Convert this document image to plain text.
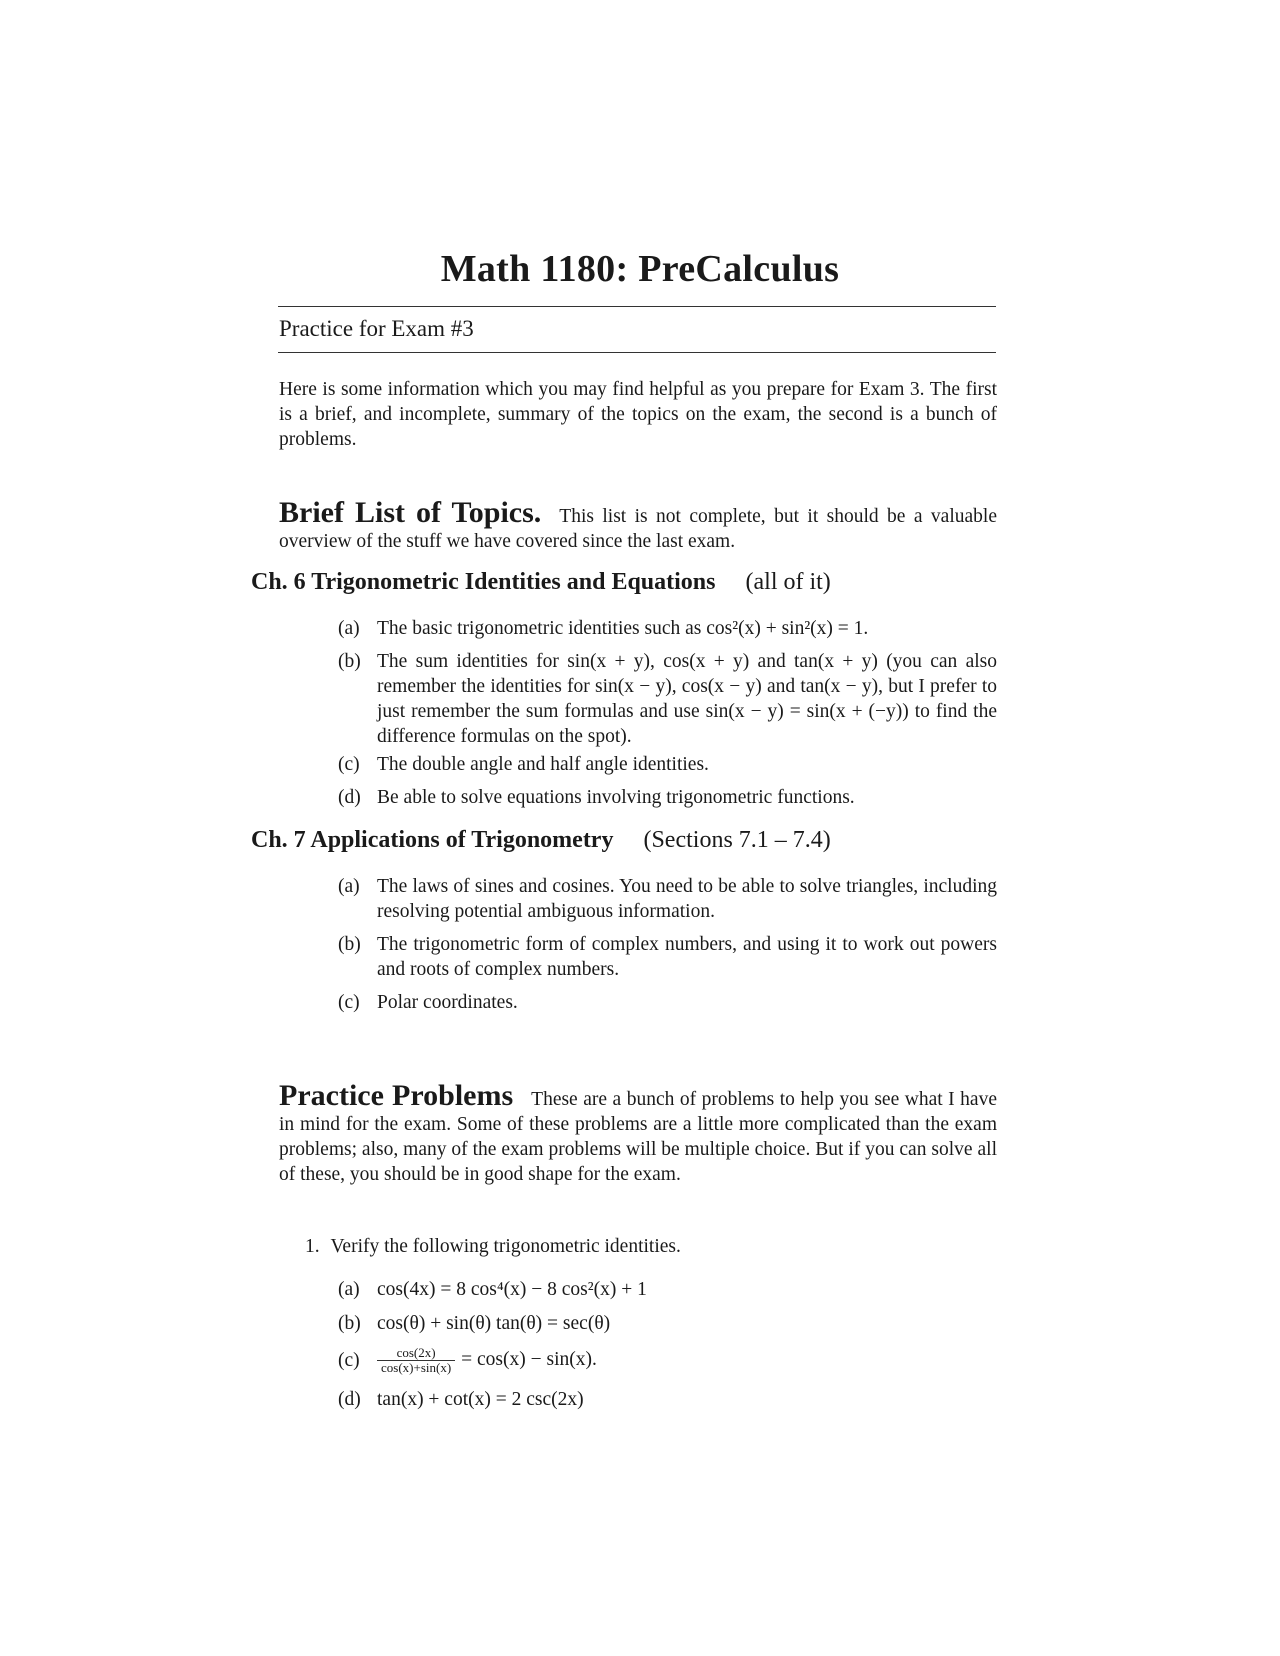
Math 1180: PreCalculus
Practice for Exam #3
Here is some information which you may find helpful as you prepare for Exam 3. The first is a brief, and incomplete, summary of the topics on the exam, the second is a bunch of problems.
Brief List of Topics. This list is not complete, but it should be a valuable overview of the stuff we have covered since the last exam.
Ch. 6 Trigonometric Identities and Equations (all of it)
(a) The basic trigonometric identities such as cos²(x) + sin²(x) = 1.
(b) The sum identities for sin(x + y), cos(x + y) and tan(x + y) (you can also remember the identities for sin(x − y), cos(x − y) and tan(x − y), but I prefer to just remember the sum formulas and use sin(x − y) = sin(x + (−y)) to find the difference formulas on the spot).
(c) The double angle and half angle identities.
(d) Be able to solve equations involving trigonometric functions.
Ch. 7 Applications of Trigonometry (Sections 7.1 – 7.4)
(a) The laws of sines and cosines. You need to be able to solve triangles, including resolving potential ambiguous information.
(b) The trigonometric form of complex numbers, and using it to work out powers and roots of complex numbers.
(c) Polar coordinates.
Practice Problems These are a bunch of problems to help you see what I have in mind for the exam. Some of these problems are a little more complicated than the exam problems; also, many of the exam problems will be multiple choice. But if you can solve all of these, you should be in good shape for the exam.
1. Verify the following trigonometric identities.
(a) cos(4x) = 8 cos⁴(x) − 8 cos²(x) + 1
(b) cos(θ) + sin(θ) tan(θ) = sec(θ)
$(c) \frac{\cos(2x)}{\cos(x)+\sin(x)} = \cos(x) - \sin(x)$.
(d) tan(x) + cot(x) = 2 csc(2x)
